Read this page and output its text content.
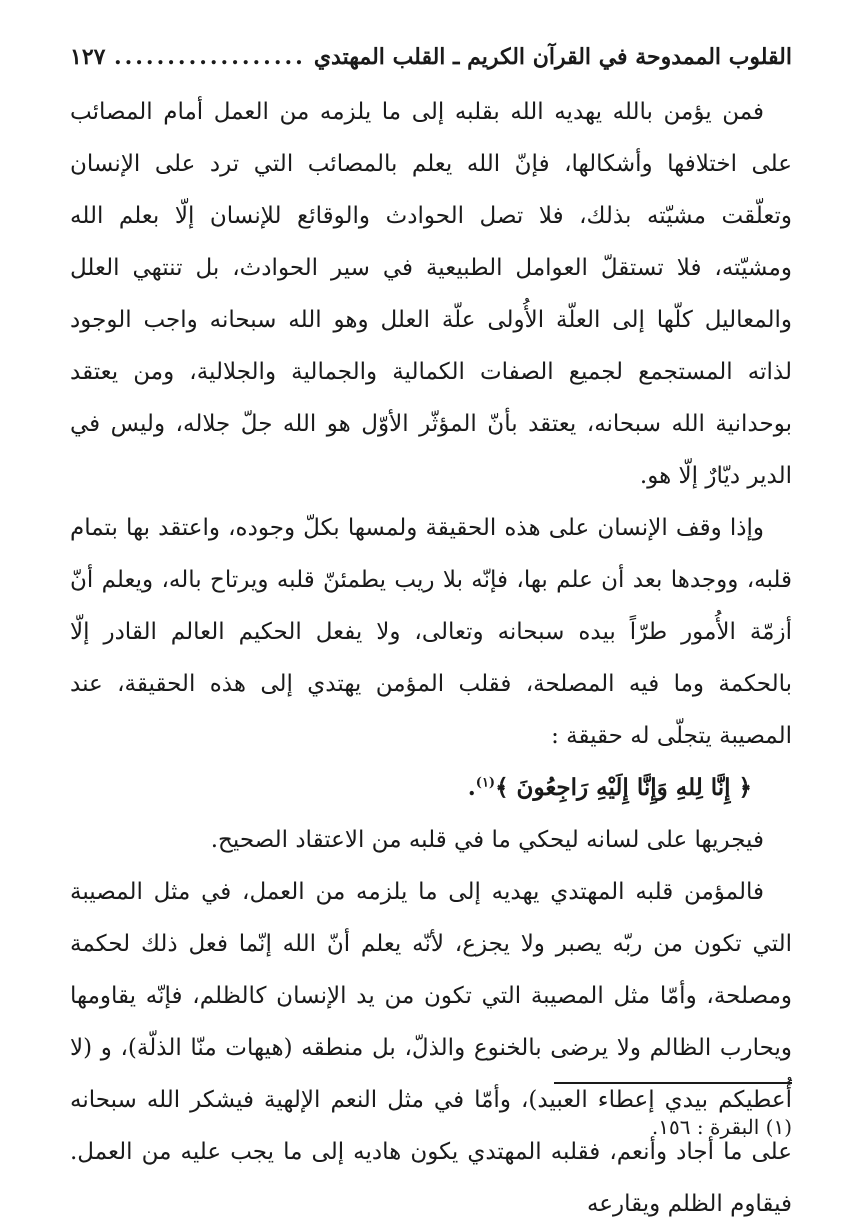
القلوب الممدوحة في القرآن الكريم ـ القلب المهتدي
..................
١٢٧

فمن يؤمن بالله يهديه الله بقلبه إلى ما يلزمه من العمل أمام المصائب على اختلافها وأشكالها، فإنّ الله يعلم بالمصائب التي ترد على الإنسان وتعلّقت مشيّته بذلك، فلا تصل الحوادث والوقائع للإنسان إلّا بعلم الله ومشيّته، فلا تستقلّ العوامل الطبيعية في سير الحوادث، بل تنتهي العلل والمعاليل كلّها إلى العلّة الأُولى علّة العلل وهو الله سبحانه واجب الوجود لذاته المستجمع لجميع الصفات الكمالية والجمالية والجلالية، ومن يعتقد بوحدانية الله سبحانه، يعتقد بأنّ المؤثّر الأوّل هو الله جلّ جلاله، وليس في الدير ديّارٌ إلّا هو.

وإذا وقف الإنسان على هذه الحقيقة ولمسها بكلّ وجوده، واعتقد بها بتمام قلبه، ووجدها بعد أن علم بها، فإنّه بلا ريب يطمئنّ قلبه ويرتاح باله، ويعلم أنّ أزمّة الأُمور طرّاً بيده سبحانه وتعالى، ولا يفعل الحكيم العالم القادر إلّا بالحكمة وما فيه المصلحة، فقلب المؤمن يهتدي إلى هذه الحقيقة، عند المصيبة يتجلّى له حقيقة :

﴿ إِنَّا لِلهِ وَإِنَّا إِلَيْهِ رَاجِعُونَ ﴾$^{(١)}$.

فيجريها على لسانه ليحكي ما في قلبه من الاعتقاد الصحيح.

فالمؤمن قلبه المهتدي يهديه إلى ما يلزمه من العمل، في مثل المصيبة التي تكون من ربّه يصبر ولا يجزع، لأنّه يعلم أنّ الله إنّما فعل ذلك لحكمة ومصلحة، وأمّا مثل المصيبة التي تكون من يد الإنسان كالظلم، فإنّه يقاومها ويحارب الظالم ولا يرضى بالخنوع والذلّ، بل منطقه (هيهات منّا الذلّة)، و (لا أُعطيكم بيدي إعطاء العبيد)، وأمّا في مثل النعم الإلهية فيشكر الله سبحانه على ما أجاد وأنعم، فقلبه المهتدي يكون هاديه إلى ما يجب عليه من العمل. فيقاوم الظلم ويقارعه

(١) البقرة : ١٥٦.
